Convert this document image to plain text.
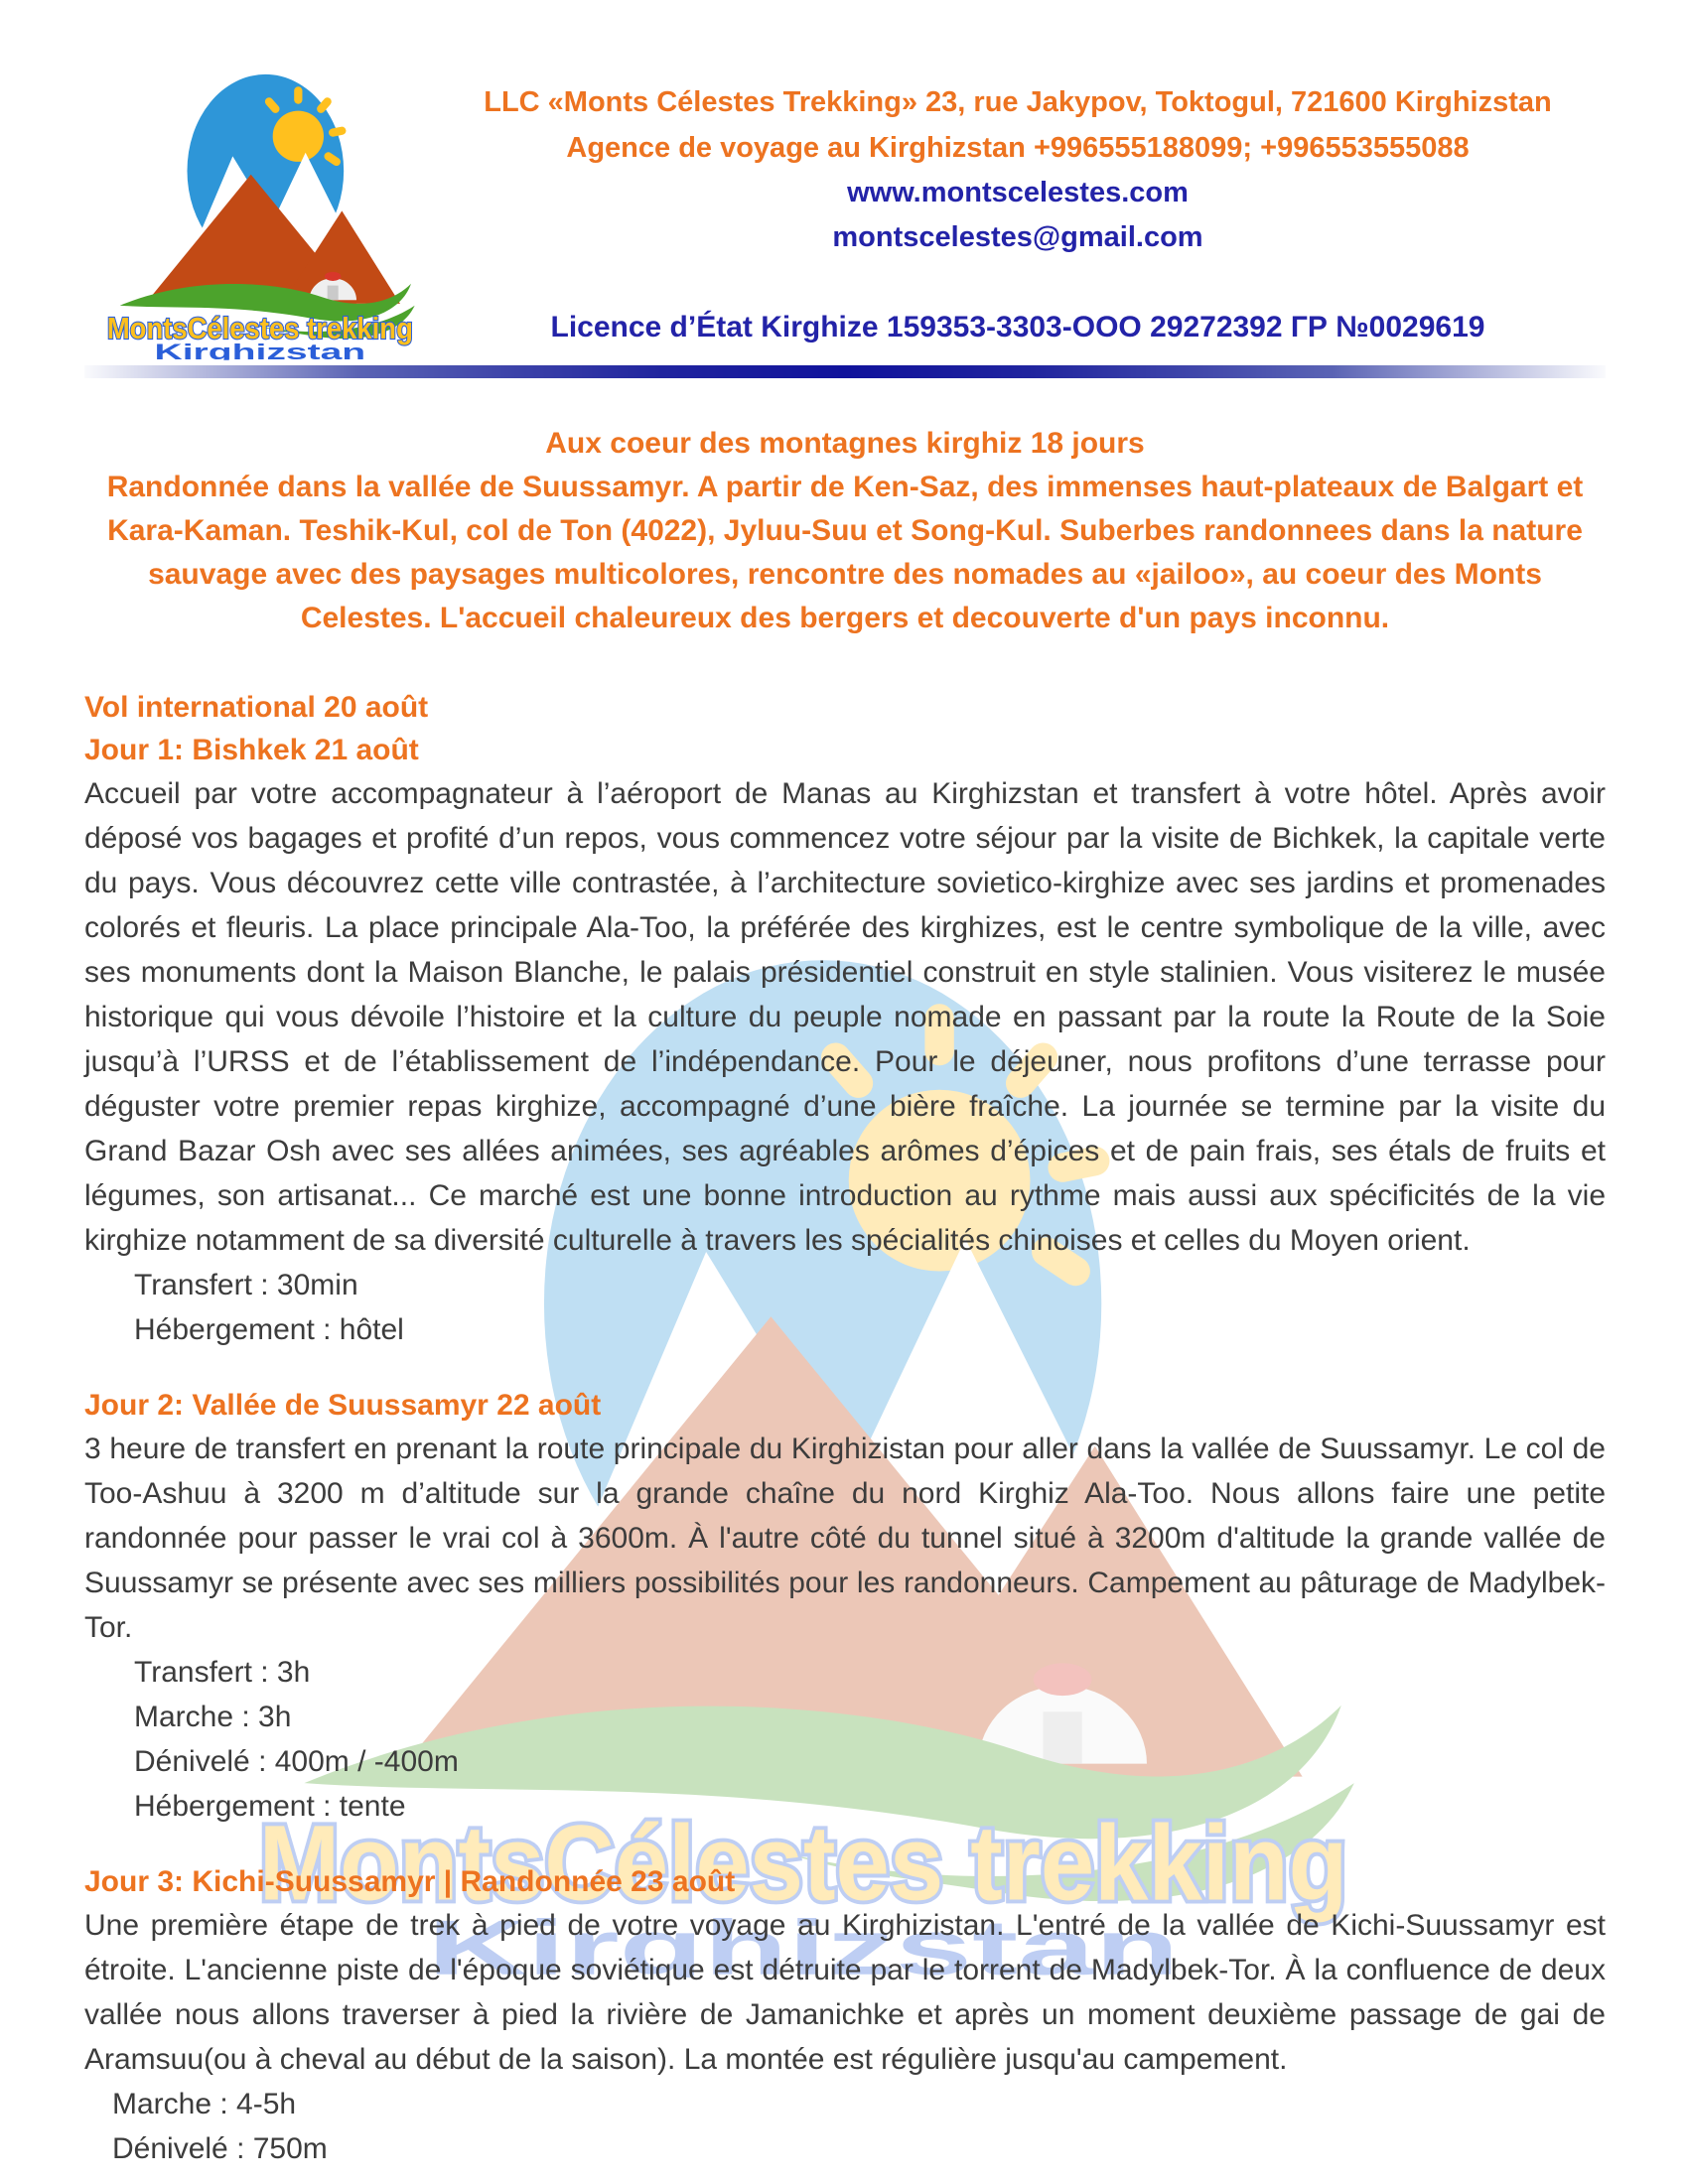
LLC «Monts Célestes Trekking» 23, rue Jakypov, Toktogul, 721600 Kirghizstan
Agence de voyage au Kirghizstan +996555188099; +996553555088
www.montscelestes.com
montscelestes@gmail.com
Licence d’État Kirghize 159353-3303-ООО 29272392 ГР №0029619
Aux coeur des montagnes kirghiz 18 jours
Randonnée dans la vallée de Suussamyr. A partir de Ken-Saz, des immenses haut-plateaux de Balgart et Kara-Kaman. Teshik-Kul, col de Ton (4022), Jyluu-Suu et Song-Kul. Suberbes randonnees dans la nature sauvage avec des paysages multicolores, rencontre des nomades au «jailoo», au coeur des Monts Celestes. L'accueil chaleureux des bergers et decouverte d'un pays inconnu.
Vol international 20 août
Jour 1: Bishkek 21 août
Accueil par votre accompagnateur à l’aéroport de Manas au Kirghizstan et transfert à votre hôtel. Après avoir déposé vos bagages et profité d’un repos, vous commencez votre séjour par la visite de Bichkek, la capitale verte du pays. Vous découvrez cette ville contrastée, à l’architecture sovietico-kirghize avec ses jardins et promenades colorés et fleuris. La place principale Ala-Too, la préférée des kirghizes, est le centre symbolique de la ville, avec ses monuments dont la Maison Blanche, le palais présidentiel construit en style stalinien. Vous visiterez le musée historique qui vous dévoile l’histoire et la culture du peuple nomade en passant par la route la Route de la Soie jusqu’à l’URSS et de l’établissement de l’indépendance. Pour le déjeuner, nous profitons d’une terrasse pour déguster votre premier repas kirghize, accompagné d’une bière fraîche. La journée se termine par la visite du Grand Bazar Osh avec ses allées animées, ses agréables arômes d’épices et de pain frais, ses étals de fruits et légumes, son artisanat... Ce marché est une bonne introduction au rythme mais aussi aux spécificités de la vie kirghize notamment de sa diversité culturelle à travers les spécialités chinoises et celles du Moyen orient.
Transfert : 30min
Hébergement : hôtel
Jour 2: Vallée de Suussamyr 22 août
3 heure de transfert en prenant la route principale du Kirghizistan pour aller dans la vallée de Suussamyr. Le col de Too-Ashuu à 3200 m d’altitude sur la grande chaîne du nord Kirghiz Ala-Too. Nous allons faire une petite randonnée pour passer le vrai col à 3600m. À l'autre côté du tunnel situé à 3200m d'altitude la grande vallée de Suussamyr se présente avec ses milliers possibilités pour les randonneurs. Campement au pâturage de Madylbek-Tor.
Transfert : 3h
Marche : 3h
Dénivelé : 400m / -400m
Hébergement : tente
Jour 3: Kichi-Suussamyr | Randonnée 23 août
Une première étape de trek à pied de votre voyage au Kirghizistan. L'entré de la vallée de Kichi-Suussamyr est étroite. L'ancienne piste de l'époque soviétique est détruite par le torrent de Madylbek-Tor. À la confluence de deux vallée nous allons traverser à pied la rivière de Jamanichke et après un moment deuxième passage de gai de Aramsuu(ou à cheval au début de la saison). La montée est régulière jusqu'au campement.
Marche : 4-5h
Dénivelé : 750m
